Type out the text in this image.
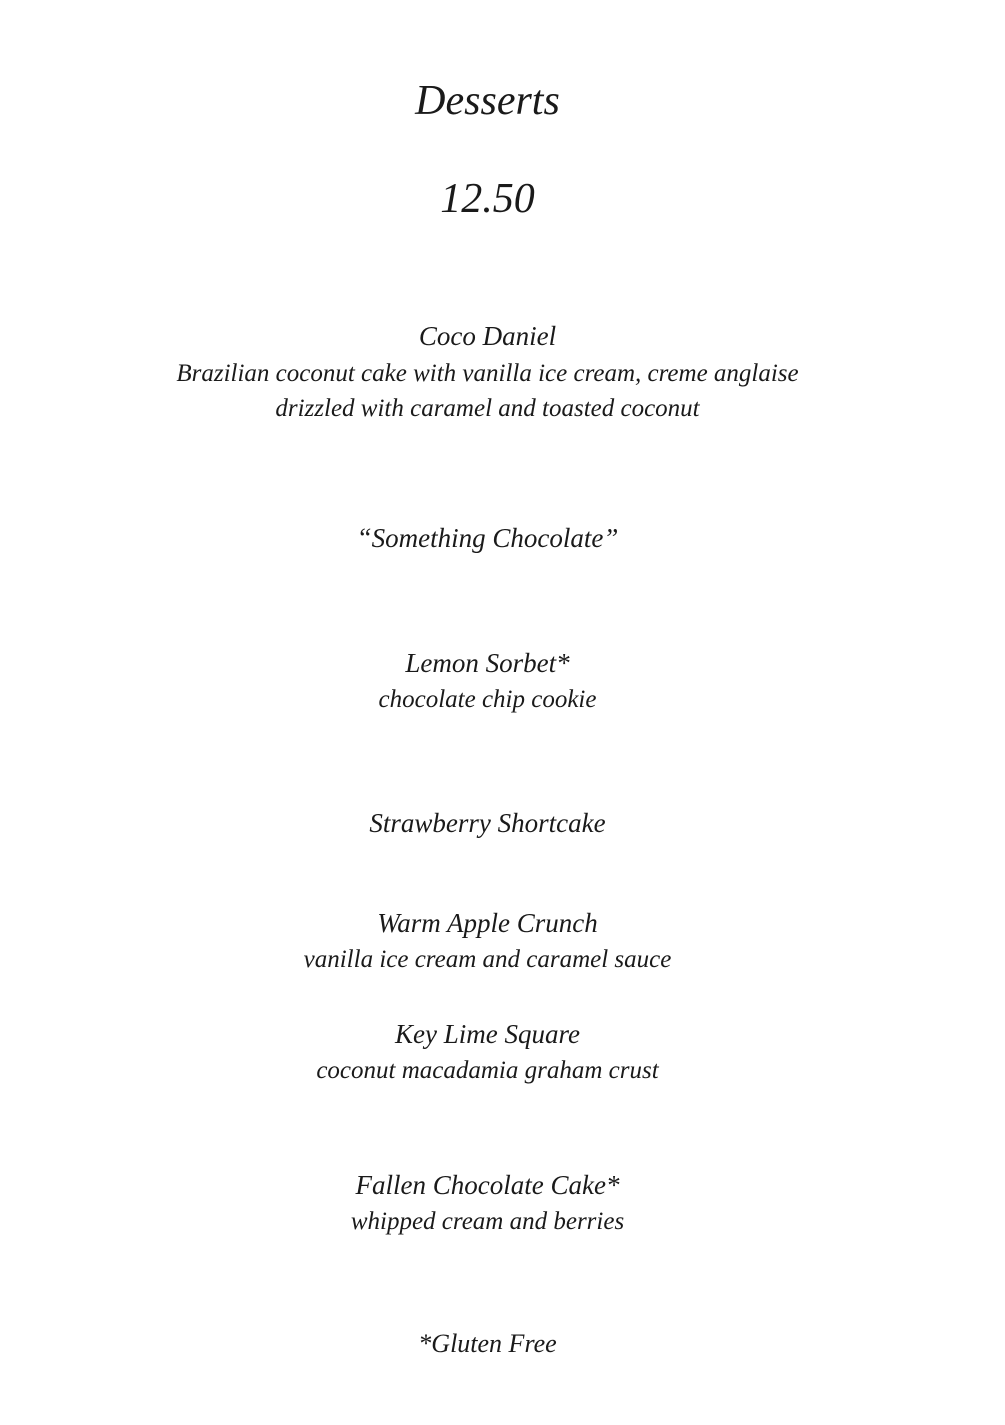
Desserts
12.50
Coco Daniel
Brazilian coconut cake with vanilla ice cream, creme anglaise
drizzled with caramel and toasted coconut
“Something Chocolate”
Lemon Sorbet*
chocolate chip cookie
Strawberry Shortcake
Warm Apple Crunch
vanilla ice cream and caramel sauce
Key Lime Square
coconut macadamia graham crust
Fallen Chocolate Cake*
whipped cream and berries
*Gluten Free
